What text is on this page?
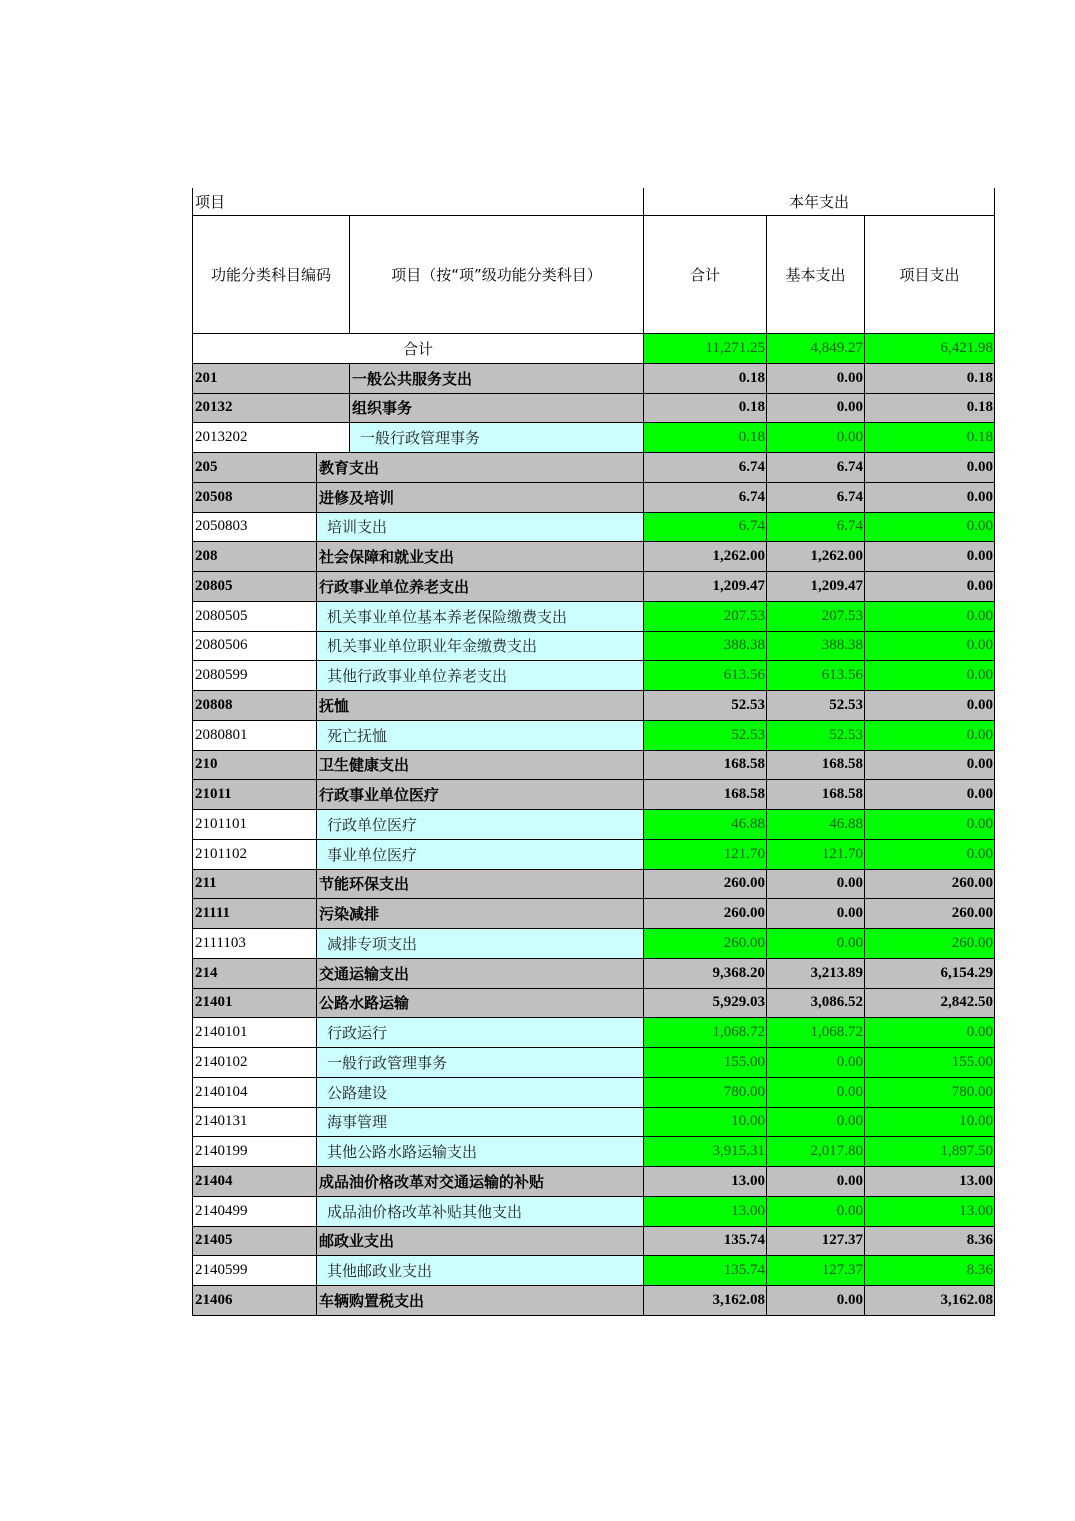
项目	本年支出
功能分类科目编码	项目（按“项”级功能分类科目）	合计	基本支出	项目支出
合计	11,271.25	4,849.27	6,421.98
201	一般公共服务支出	0.18	0.00	0.18
20132	组织事务	0.18	0.00	0.18
2013202	一般行政管理事务	0.18	0.00	0.18
205	教育支出	6.74	6.74	0.00
20508	进修及培训	6.74	6.74	0.00
2050803	培训支出	6.74	6.74	0.00
208	社会保障和就业支出	1,262.00	1,262.00	0.00
20805	行政事业单位养老支出	1,209.47	1,209.47	0.00
2080505	机关事业单位基本养老保险缴费支出	207.53	207.53	0.00
2080506	机关事业单位职业年金缴费支出	388.38	388.38	0.00
2080599	其他行政事业单位养老支出	613.56	613.56	0.00
20808	抚恤	52.53	52.53	0.00
2080801	死亡抚恤	52.53	52.53	0.00
210	卫生健康支出	168.58	168.58	0.00
21011	行政事业单位医疗	168.58	168.58	0.00
2101101	行政单位医疗	46.88	46.88	0.00
2101102	事业单位医疗	121.70	121.70	0.00
211	节能环保支出	260.00	0.00	260.00
21111	污染减排	260.00	0.00	260.00
2111103	减排专项支出	260.00	0.00	260.00
214	交通运输支出	9,368.20	3,213.89	6,154.29
21401	公路水路运输	5,929.03	3,086.52	2,842.50
2140101	行政运行	1,068.72	1,068.72	0.00
2140102	一般行政管理事务	155.00	0.00	155.00
2140104	公路建设	780.00	0.00	780.00
2140131	海事管理	10.00	0.00	10.00
2140199	其他公路水路运输支出	3,915.31	2,017.80	1,897.50
21404	成品油价格改革对交通运输的补贴	13.00	0.00	13.00
2140499	成品油价格改革补贴其他支出	13.00	0.00	13.00
21405	邮政业支出	135.74	127.37	8.36
2140599	其他邮政业支出	135.74	127.37	8.36
21406	车辆购置税支出	3,162.08	0.00	3,162.08
